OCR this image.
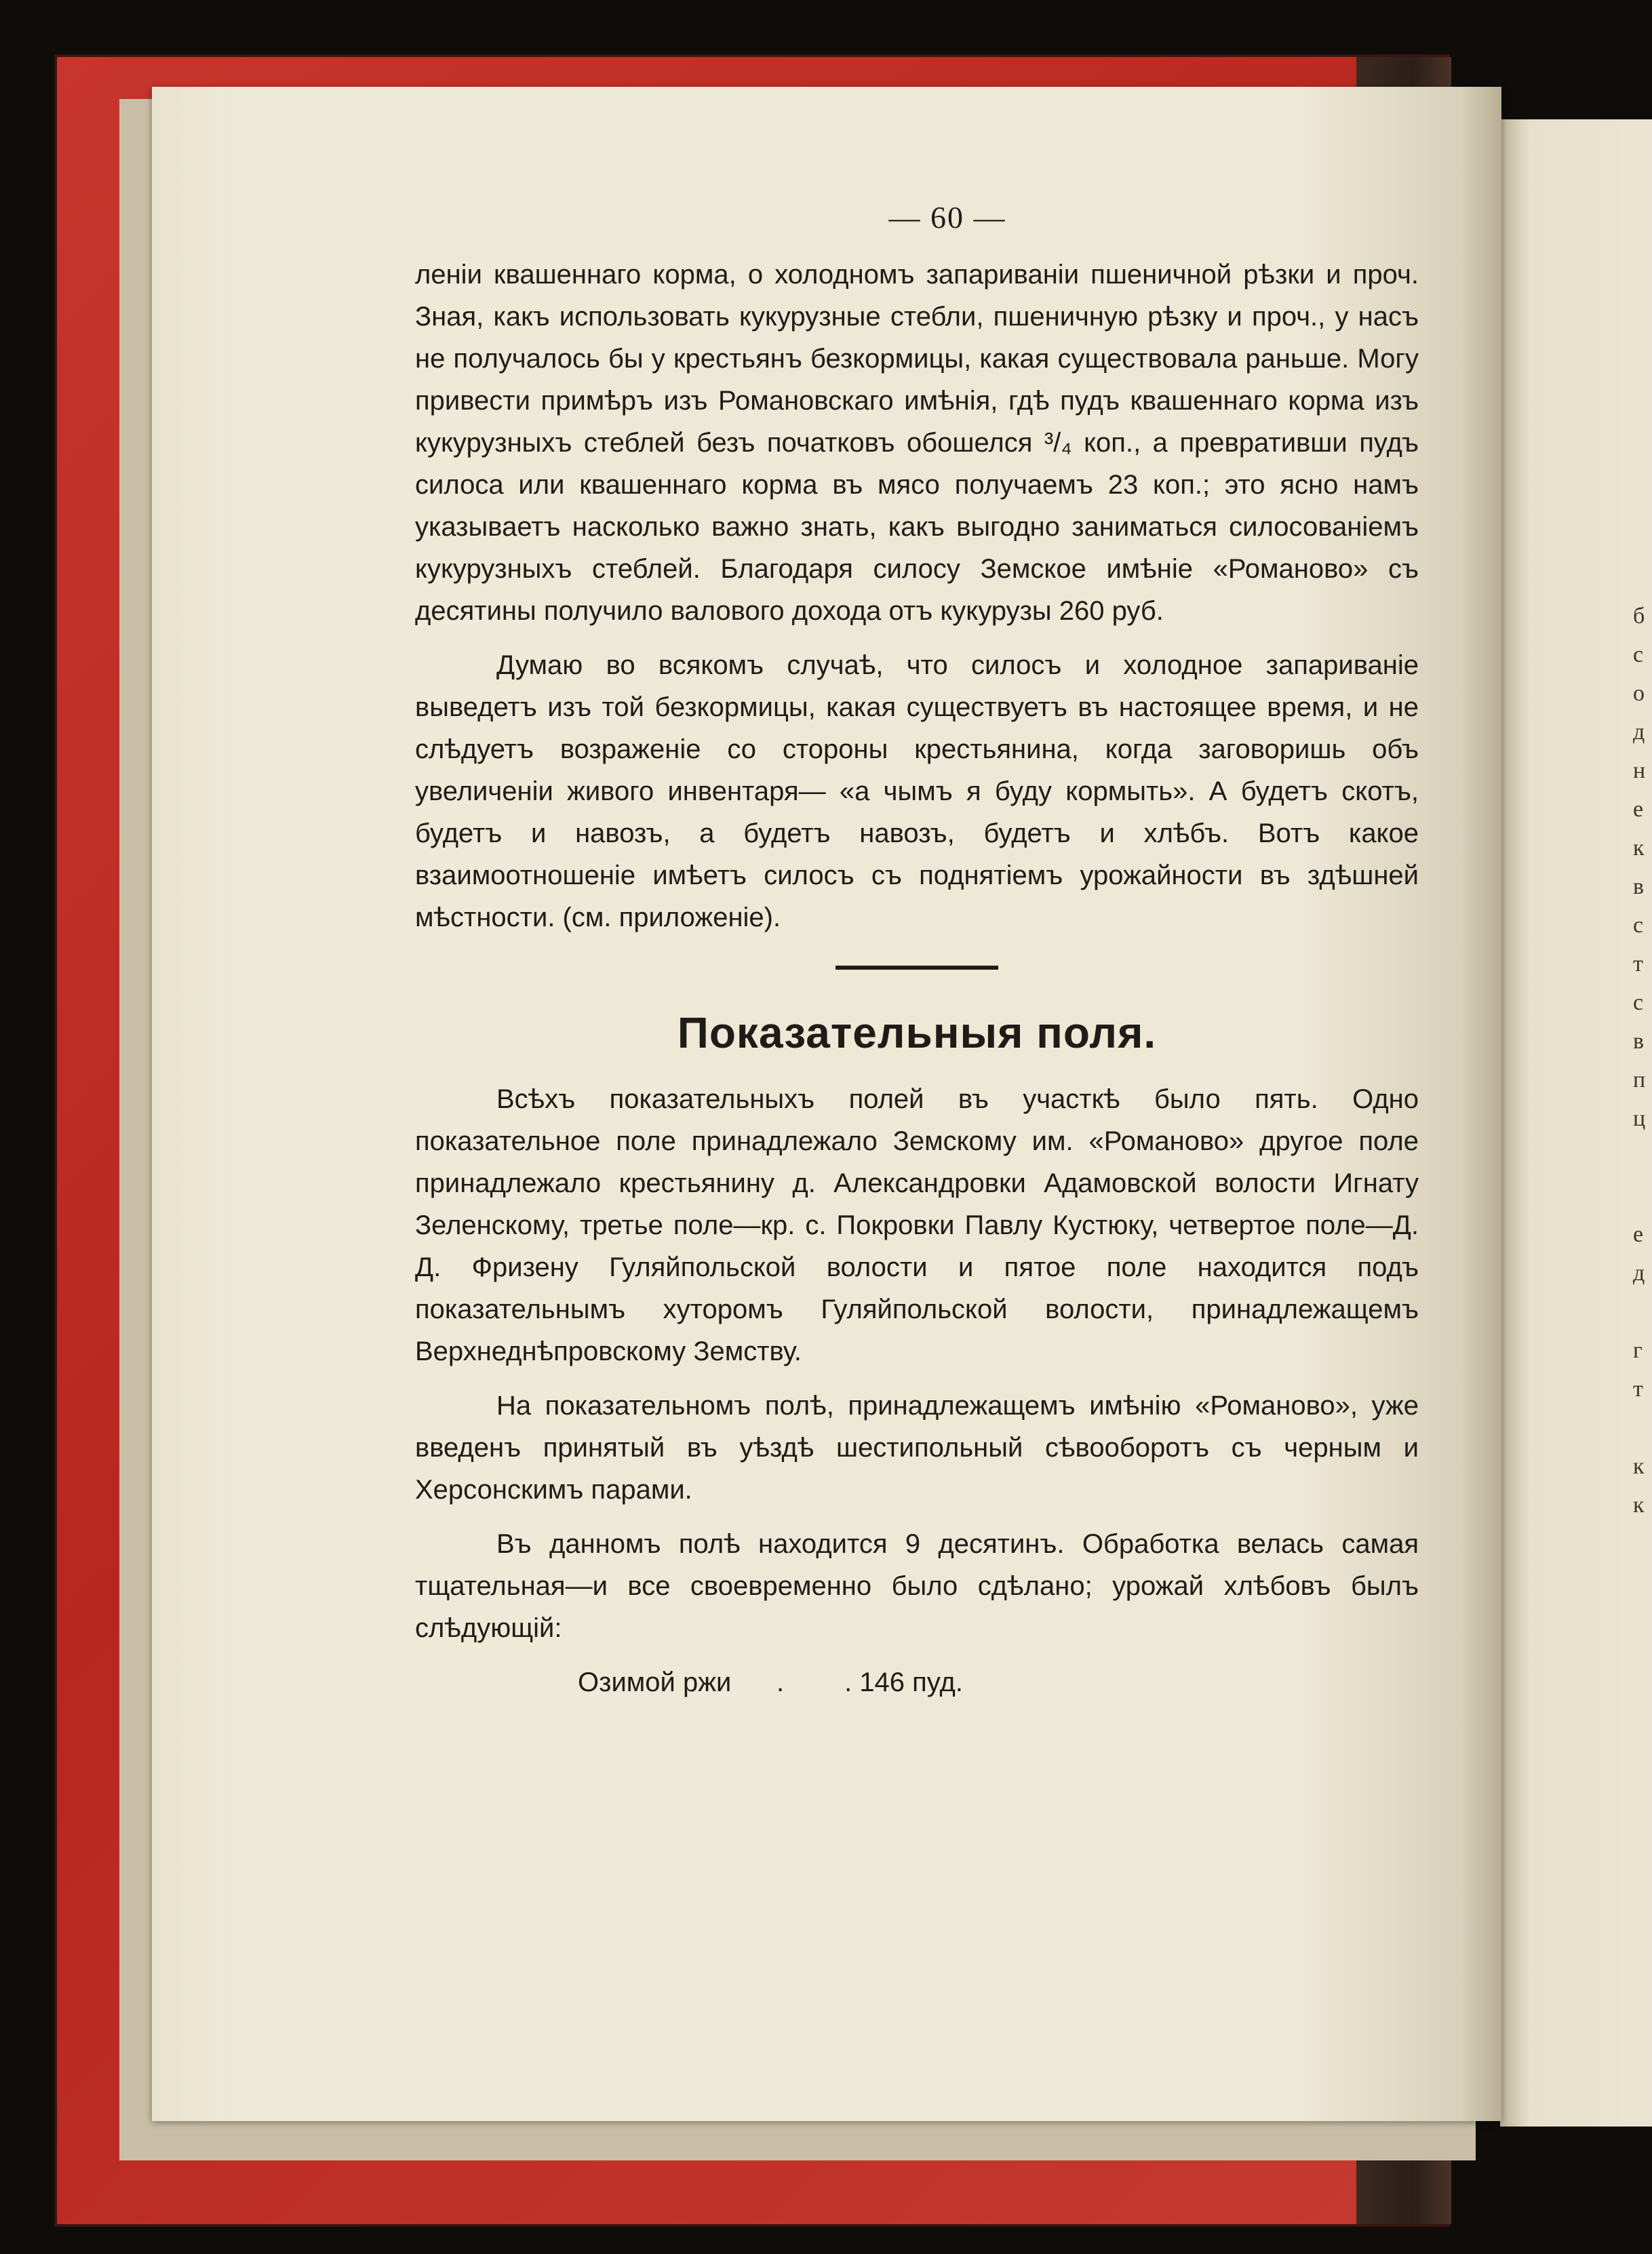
б
с
о
д
н
е
к
в
с
т
с
в
п
ц

е
д

г
т

к
к
— 60 —

леніи квашеннаго корма, о холодномъ запариваніи пшеничной рѣзки и проч. Зная, какъ использовать кукурузные стебли, пшеничную рѣзку и проч., у насъ не получалось бы у крестьянъ безкормицы, какая существовала раньше. Могу привести примѣръ изъ Романовскаго имѣнія, гдѣ пудъ квашеннаго корма изъ кукурузныхъ стеблей безъ початковъ обошелся ³/₄ коп., а превративши пудъ силоса или квашеннаго корма въ мясо получаемъ 23 коп.; это ясно намъ указываетъ насколько важно знать, какъ выгодно заниматься силосованіемъ кукурузныхъ стеблей. Благодаря силосу Земское имѣніе «Романово» съ десятины получило валового дохода отъ кукурузы 260 руб.

Думаю во всякомъ случаѣ, что силосъ и холодное запариваніе выведетъ изъ той безкормицы, какая существуетъ въ настоящее время, и не слѣдуетъ возраженіе со стороны крестьянина, когда заговоришь объ увеличеніи живого инвентаря— «а чымъ я буду кормыть». А будетъ скотъ, будетъ и навозъ, а будетъ навозъ, будетъ и хлѣбъ. Вотъ какое взаимоотношеніе имѣетъ силосъ съ поднятіемъ урожайности въ здѣшней мѣстности. (см. приложеніе).

Показательныя поля.

Всѣхъ показательныхъ полей въ участкѣ было пять. Одно показательное поле принадлежало Земскому им. «Романово» другое поле принадлежало крестьянину д. Александровки Адамовской волости Игнату Зеленскому, третье поле—кр. с. Покровки Павлу Кустюку, четвертое поле—Д. Д. Фризену Гуляйпольской волости и пятое поле находится подъ показательнымъ хуторомъ Гуляйпольской волости, принадлежащемъ Верхнеднѣпровскому Земству.

На показательномъ полѣ, принадлежащемъ имѣнію «Романово», уже введенъ принятый въ уѣздѣ шестипольный сѣвооборотъ съ черным и Херсонскимъ парами.

Въ данномъ полѣ находится 9 десятинъ. Обработка велась самая тщательная—и все своевременно было сдѣлано; урожай хлѣбовъ былъ слѣдующій:

Озимой ржи .        . 146 пуд.
